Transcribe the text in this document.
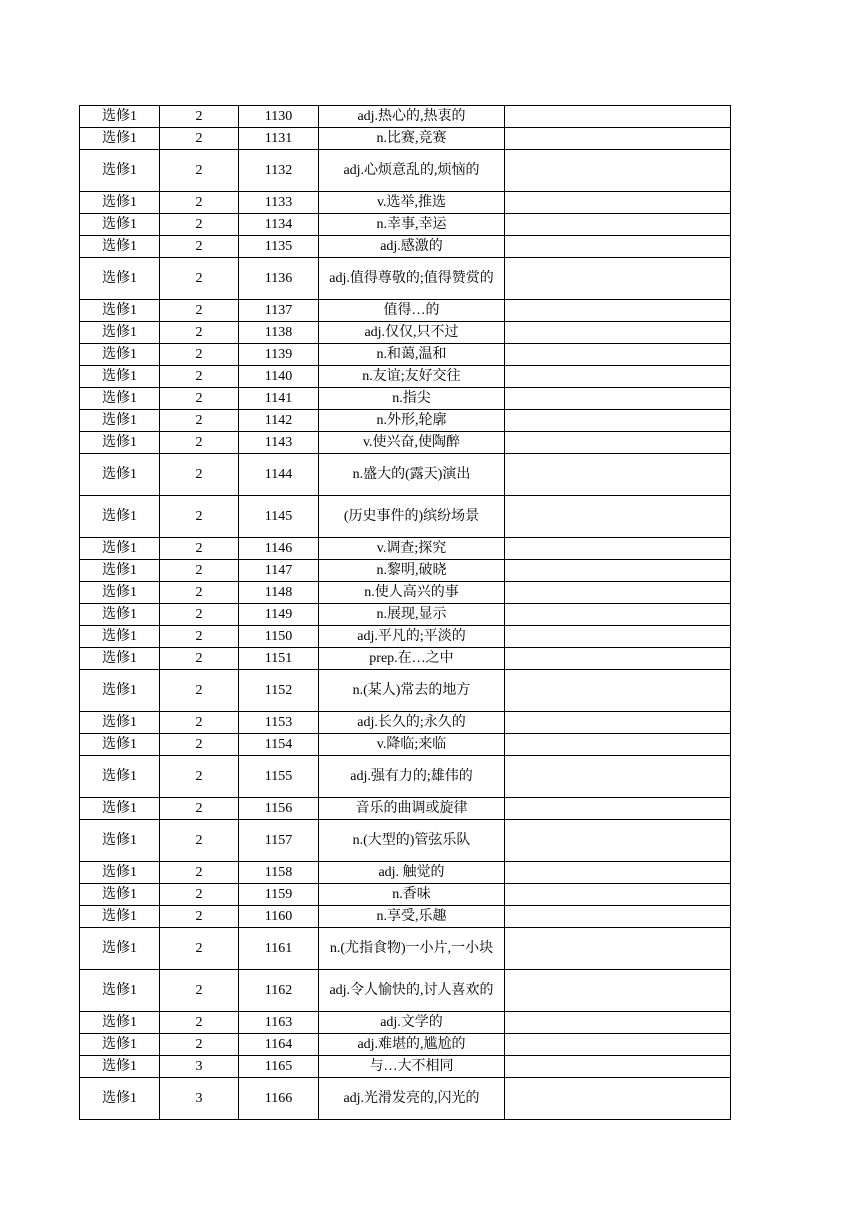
选修1	2	1130	adj.热心的,热衷的	
选修1	2	1131	n.比赛,竞赛	
选修1	2	1132	adj.心烦意乱的,烦恼的	
选修1	2	1133	v.选举,推选	
选修1	2	1134	n.幸事,幸运	
选修1	2	1135	adj.感激的	
选修1	2	1136	adj.值得尊敬的;值得赞赏的	
选修1	2	1137	值得…的	
选修1	2	1138	adj.仅仅,只不过	
选修1	2	1139	n.和蔼,温和	
选修1	2	1140	n.友谊;友好交往	
选修1	2	1141	n.指尖	
选修1	2	1142	n.外形,轮廓	
选修1	2	1143	v.使兴奋,使陶醉	
选修1	2	1144	n.盛大的(露天)演出	
选修1	2	1145	(历史事件的)缤纷场景	
选修1	2	1146	v.调查;探究	
选修1	2	1147	n.黎明,破晓	
选修1	2	1148	n.使人高兴的事	
选修1	2	1149	n.展现,显示	
选修1	2	1150	adj.平凡的;平淡的	
选修1	2	1151	prep.在…之中	
选修1	2	1152	n.(某人)常去的地方	
选修1	2	1153	adj.长久的;永久的	
选修1	2	1154	v.降临;来临	
选修1	2	1155	adj.强有力的;雄伟的	
选修1	2	1156	音乐的曲调或旋律	
选修1	2	1157	n.(大型的)管弦乐队	
选修1	2	1158	adj. 触觉的	
选修1	2	1159	n.香味	
选修1	2	1160	n.享受,乐趣	
选修1	2	1161	n.(尤指食物)一小片,一小块	
选修1	2	1162	adj.令人愉快的,讨人喜欢的	
选修1	2	1163	adj.文学的	
选修1	2	1164	adj.难堪的,尴尬的	
选修1	3	1165	与…大不相同	
选修1	3	1166	adj.光滑发亮的,闪光的	
